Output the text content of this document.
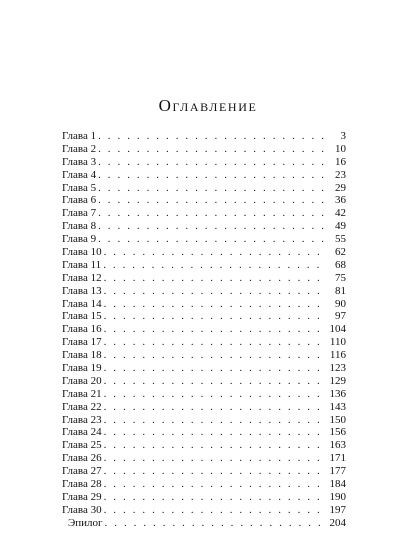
Оглавление
Глава 1 . . .	3
Глава 2 . . .	10
Глава 3 . . .	16
Глава 4 . . .	23
Глава 5 . . .	29
Глава 6 . . .	36
Глава 7 . . .	42
Глава 8 . . .	49
Глава 9 . . .	55
Глава 10 . . .	62
Глава 11 . . .	68
Глава 12 . . .	75
Глава 13 . . .	81
Глава 14 . . .	90
Глава 15 . . .	97
Глава 16 . . .	104
Глава 17 . . .	110
Глава 18 . . .	116
Глава 19 . . .	123
Глава 20 . . .	129
Глава 21 . . .	136
Глава 22 . . .	143
Глава 23 . . .	150
Глава 24 . . .	156
Глава 25 . . .	163
Глава 26 . . .	171
Глава 27 . . .	177
Глава 28 . . .	184
Глава 29 . . .	190
Глава 30 . . .	197
Эпилог . . .	204
